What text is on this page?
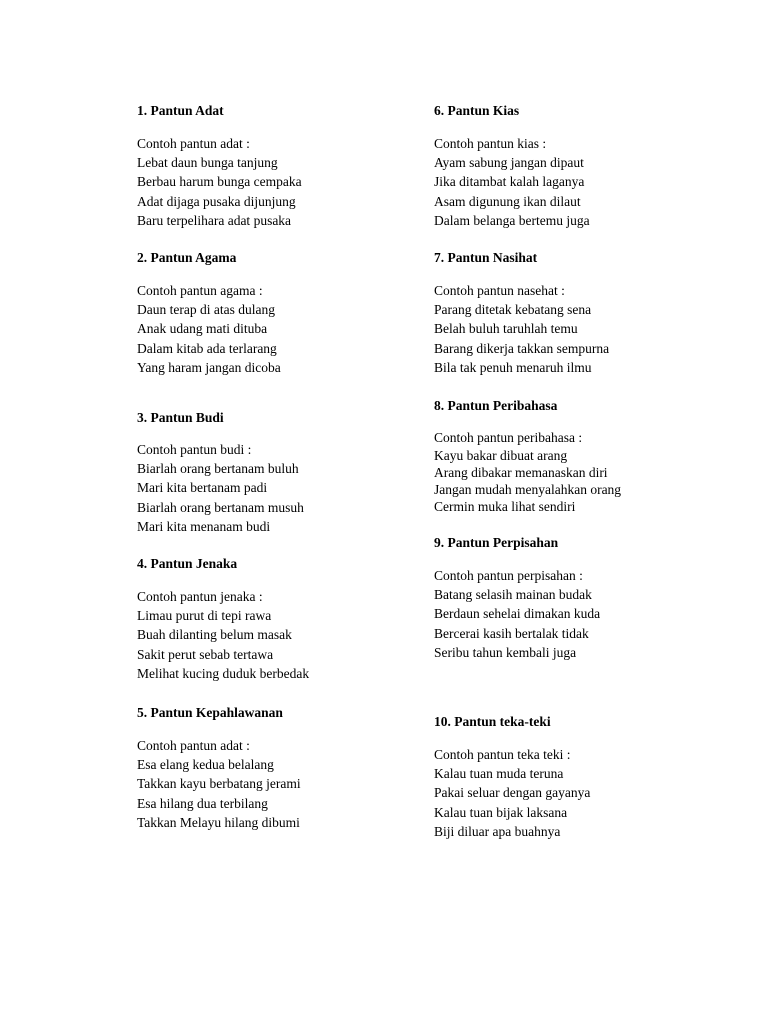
1. Pantun Adat
Contoh pantun adat :
Lebat daun bunga tanjung
Berbau harum bunga cempaka
Adat dijaga pusaka dijunjung
Baru terpelihara adat pusaka
2. Pantun Agama
Contoh pantun agama :
Daun terap di atas dulang
Anak udang mati dituba
Dalam kitab ada terlarang
Yang haram jangan dicoba
3. Pantun Budi
Contoh pantun budi :
Biarlah orang bertanam buluh
Mari kita bertanam padi
Biarlah orang bertanam musuh
Mari kita menanam budi
4. Pantun Jenaka
Contoh pantun jenaka :
Limau purut di tepi rawa
Buah dilanting belum masak
Sakit perut sebab tertawa
Melihat kucing duduk berbedak
5. Pantun Kepahlawanan
Contoh pantun adat :
Esa elang kedua belalang
Takkan kayu berbatang jerami
Esa hilang dua terbilang
Takkan Melayu hilang dibumi
6. Pantun Kias
Contoh pantun kias :
Ayam sabung jangan dipaut
Jika ditambat kalah laganya
Asam digunung ikan dilaut
Dalam belanga bertemu juga
7. Pantun Nasihat
Contoh pantun nasehat :
Parang ditetak kebatang sena
Belah buluh taruhlah temu
Barang dikerja takkan sempurna
Bila tak penuh menaruh ilmu
8. Pantun Peribahasa
Contoh pantun peribahasa :
Kayu bakar dibuat arang
Arang dibakar memanaskan diri
Jangan mudah menyalahkan orang
Cermin muka lihat sendiri
9. Pantun Perpisahan
Contoh pantun perpisahan :
Batang selasih mainan budak
Berdaun sehelai dimakan kuda
Bercerai kasih bertalak tidak
Seribu tahun kembali juga
10. Pantun teka-teki
Contoh pantun teka teki :
Kalau tuan muda teruna
Pakai seluar dengan gayanya
Kalau tuan bijak laksana
Biji diluar apa buahnya
